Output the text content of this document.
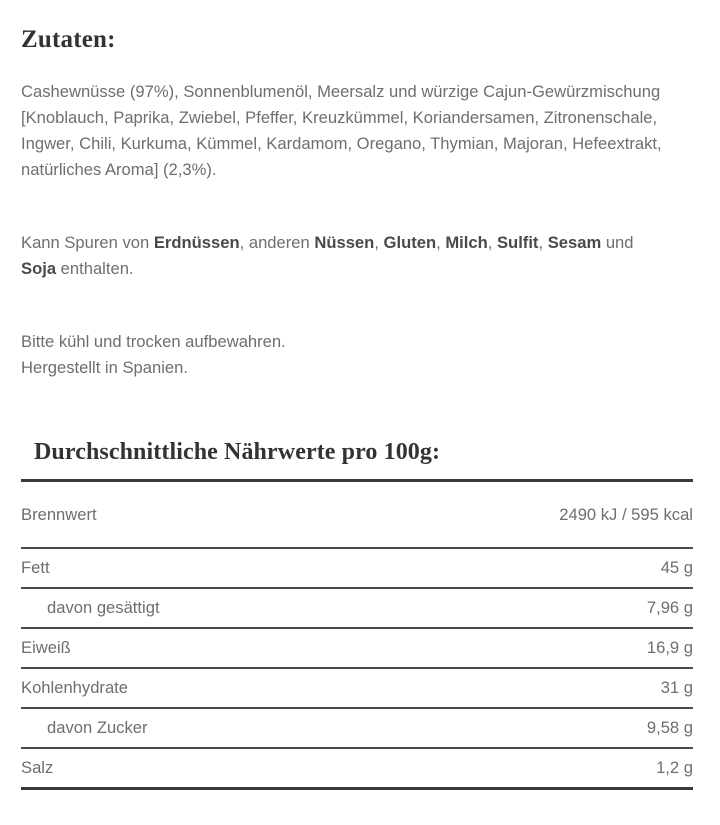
Zutaten:

Cashewnüsse (97%), Sonnenblumenöl, Meersalz und würzige Cajun-Gewürzmischung
[Knoblauch, Paprika, Zwiebel, Pfeffer, Kreuzkümmel, Koriandersamen, Zitronenschale,
Ingwer, Chili, Kurkuma, Kümmel, Kardamom, Oregano, Thymian, Majoran, Hefeextrakt,
natürliches Aroma] (2,3%).

Kann Spuren von Erdnüssen, anderen Nüssen, Gluten, Milch, Sulfit, Sesam und
Soja enthalten.

Bitte kühl und trocken aufbewahren.
Hergestellt in Spanien.

Durchschnittliche Nährwerte pro 100g:
Brennwert	2490 kJ / 595 kcal
Fett	45 g
davon gesättigt	7,96 g
Eiweiß	16,9 g
Kohlenhydrate	31 g
davon Zucker	9,58 g
Salz	1,2 g
